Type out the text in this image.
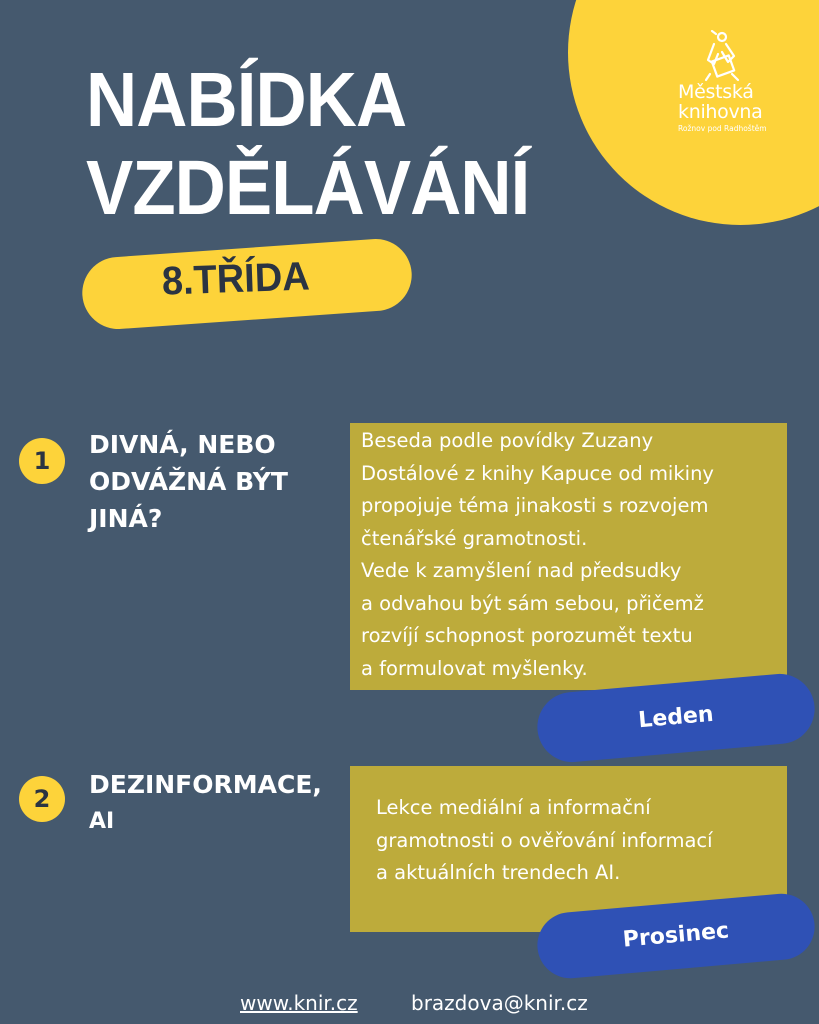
Městská
knihovna
Rožnov pod Radhoštěm
NABÍDKA
VZDĚLÁVÁNÍ
8.TŘÍDA
1
DIVNÁ, NEBO
ODVÁŽNÁ BÝT
JINÁ?
Beseda podle povídky Zuzany
Dostálové z knihy Kapuce od mikiny
propojuje téma jinakosti s rozvojem
čtenářské gramotnosti.
Vede k zamyšlení nad předsudky
a odvahou být sám sebou, přičemž
rozvíjí schopnost porozumět textu
a formulovat myšlenky.
Leden
2	DEZINFORMACE,
AI
Lekce mediální a informační
gramotnosti o ověřování informací
a aktuálních trendech AI.
Prosinec
www.knir.cz	brazdova@knir.cz
